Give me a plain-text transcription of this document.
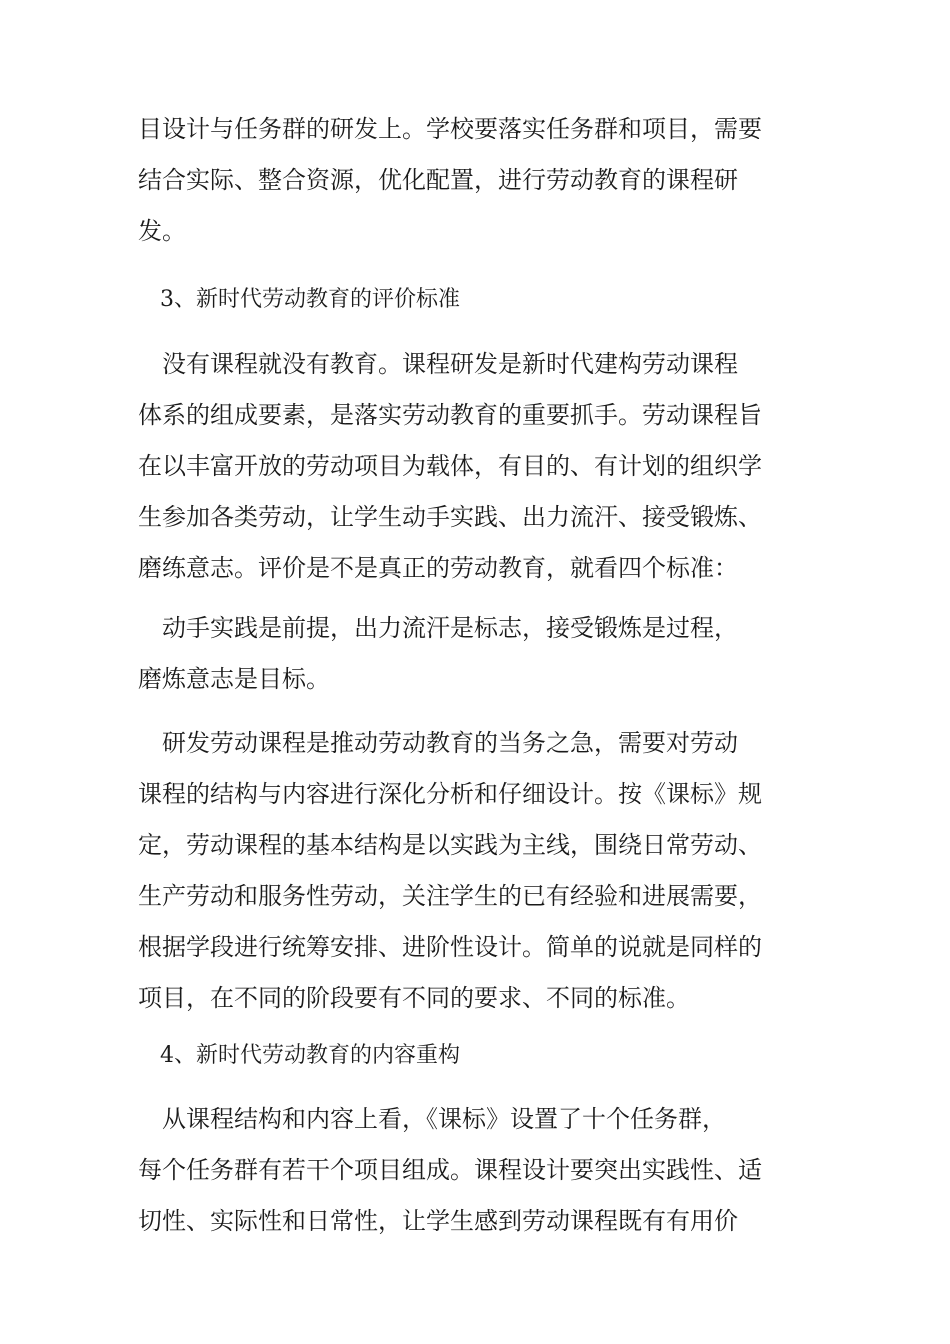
目设计与任务群的研发上。学校要落实任务群和项目，需要
结合实际、整合资源，优化配置，进行劳动教育的课程研
发。
　3、新时代劳动教育的评价标准
　没有课程就没有教育。课程研发是新时代建构劳动课程
体系的组成要素，是落实劳动教育的重要抓手。劳动课程旨
在以丰富开放的劳动项目为载体，有目的、有计划的组织学
生参加各类劳动，让学生动手实践、出力流汗、接受锻炼、
磨练意志。评价是不是真正的劳动教育，就看四个标准：
　动手实践是前提，出力流汗是标志，接受锻炼是过程，
磨炼意志是目标。
　研发劳动课程是推动劳动教育的当务之急，需要对劳动
课程的结构与内容进行深化分析和仔细设计。按《课标》规
定，劳动课程的基本结构是以实践为主线，围绕日常劳动、
生产劳动和服务性劳动，关注学生的已有经验和进展需要，
根据学段进行统筹安排、进阶性设计。简单的说就是同样的
项目，在不同的阶段要有不同的要求、不同的标准。
　4、新时代劳动教育的内容重构
　从课程结构和内容上看，《课标》设置了十个任务群，
每个任务群有若干个项目组成。课程设计要突出实践性、适
切性、实际性和日常性，让学生感到劳动课程既有有用价
